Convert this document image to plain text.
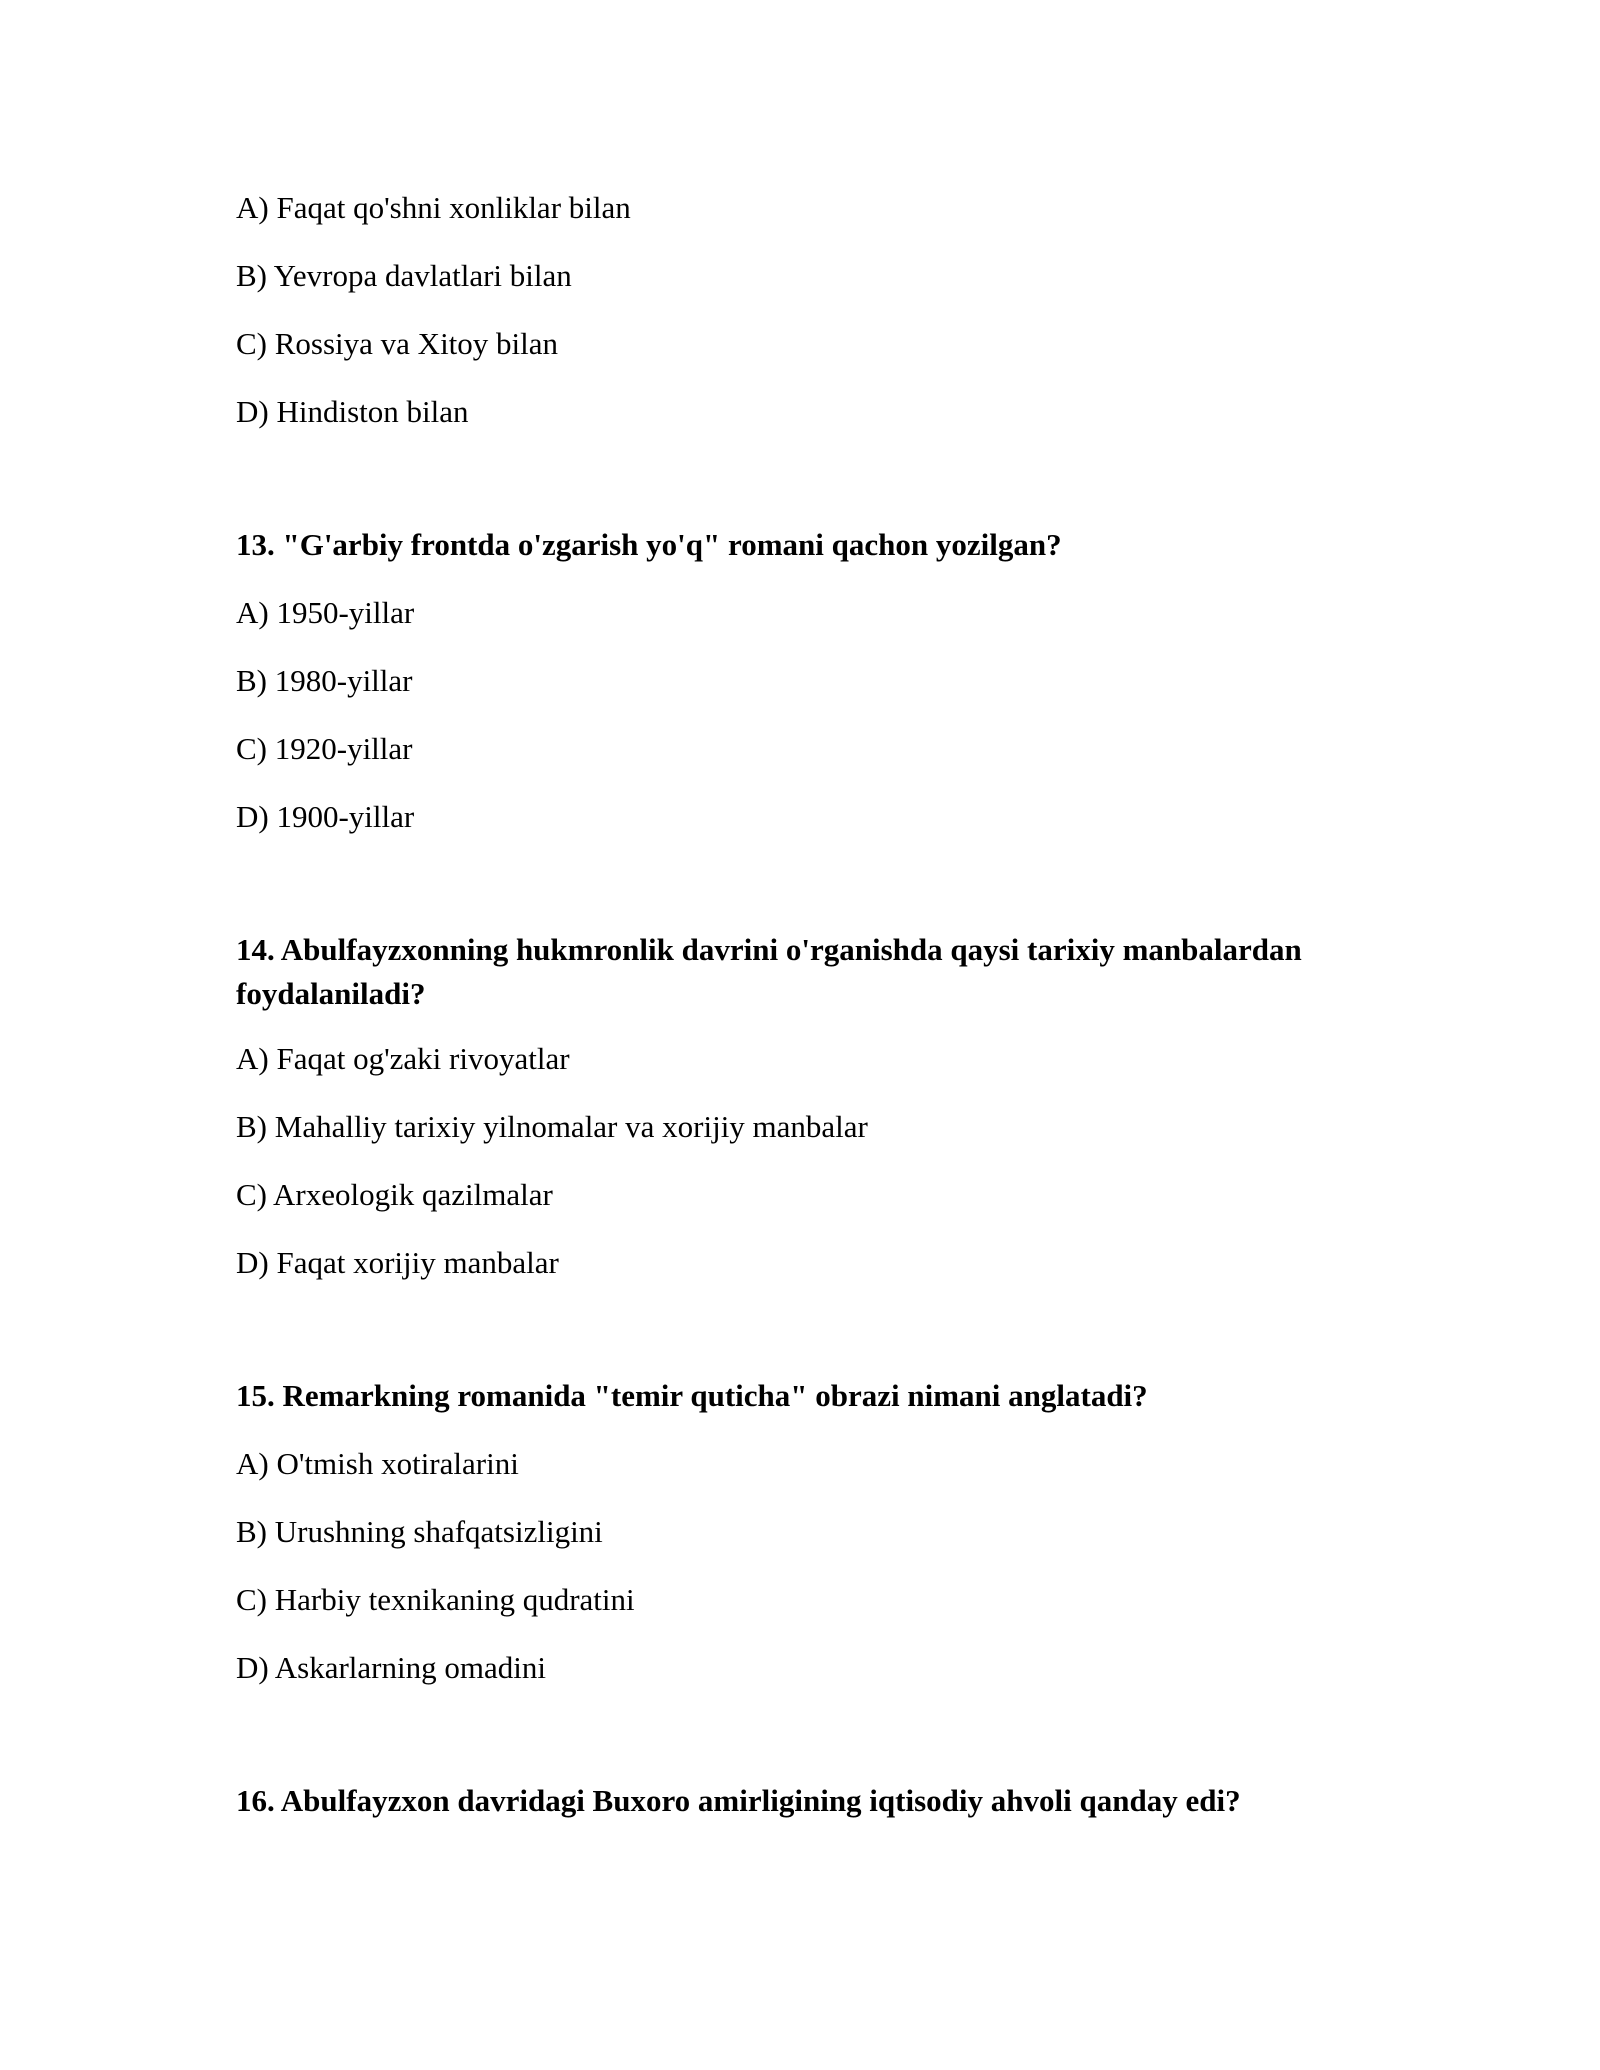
A) Faqat qo'shni xonliklar bilan
B) Yevropa davlatlari bilan
C) Rossiya va Xitoy bilan
D) Hindiston bilan
13. "G'arbiy frontda o'zgarish yo'q" romani qachon yozilgan?
A) 1950-yillar
B) 1980-yillar
C) 1920-yillar
D) 1900-yillar
14. Abulfayzxonning hukmronlik davrini o'rganishda qaysi tarixiy manbalardan foydalaniladi?
A) Faqat og'zaki rivoyatlar
B) Mahalliy tarixiy yilnomalar va xorijiy manbalar
C) Arxeologik qazilmalar
D) Faqat xorijiy manbalar
15. Remarkning romanida "temir quticha" obrazi nimani anglatadi?
A) O'tmish xotiralarini
B) Urushning shafqatsizligini
C) Harbiy texnikaning qudratini
D) Askarlarning omadini
16. Abulfayzxon davridagi Buxoro amirligining iqtisodiy ahvoli qanday edi?
